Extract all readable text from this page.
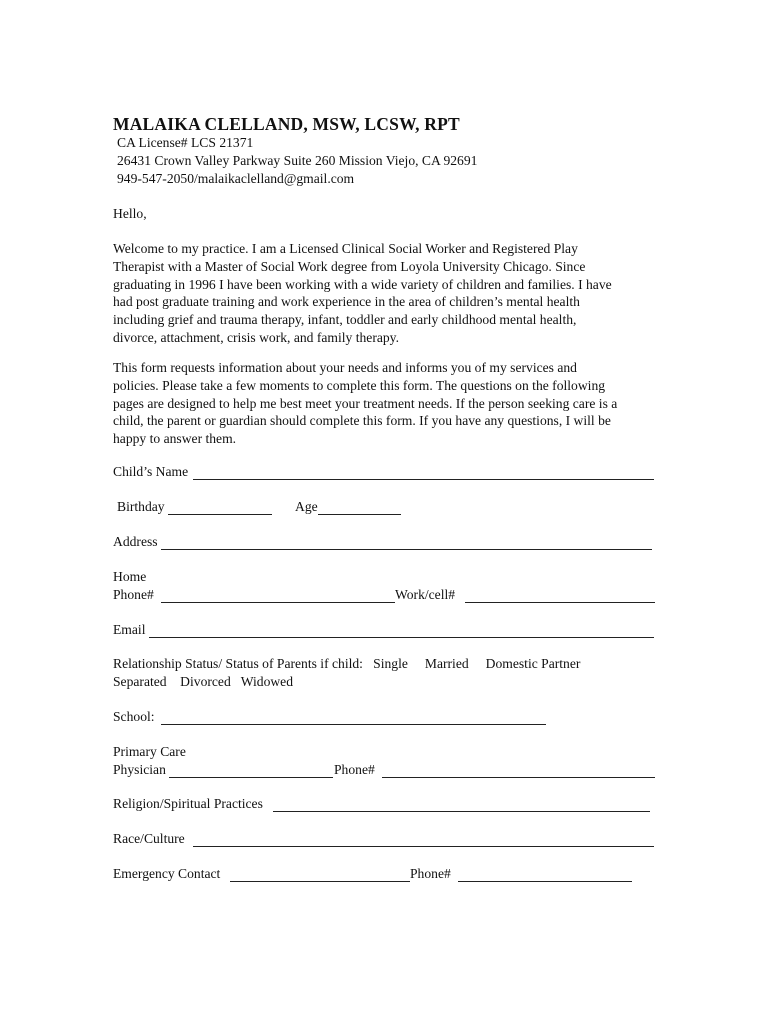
MALAIKA CLELLAND, MSW, LCSW, RPT
CA License# LCS 21371
26431 Crown Valley Parkway Suite 260 Mission Viejo, CA 92691
949-547-2050/malaikaclelland@gmail.com
Hello,
Welcome to my practice. I am a Licensed Clinical Social Worker and Registered Play
Therapist with a Master of Social Work degree from Loyola University Chicago. Since
graduating in 1996 I have been working with a wide variety of children and families. I have
had post graduate training and work experience in the area of children’s mental health
including grief and trauma therapy, infant, toddler and early childhood mental health,
divorce, attachment, crisis work, and family therapy.
This form requests information about your needs and informs you of my services and
policies. Please take a few moments to complete this form. The questions on the following
pages are designed to help me best meet your treatment needs. If the person seeking care is a
child, the parent or guardian should complete this form. If you have any questions, I will be
happy to answer them.
Child’s Name
Birthday	Age
Address
Home
Phone#	Work/cell#
Email
Relationship Status/ Status of Parents if child:   Single     Married     Domestic Partner
Separated    Divorced   Widowed
School:
Primary Care
Physician	Phone#
Religion/Spiritual Practices
Race/Culture
Emergency Contact	Phone#
